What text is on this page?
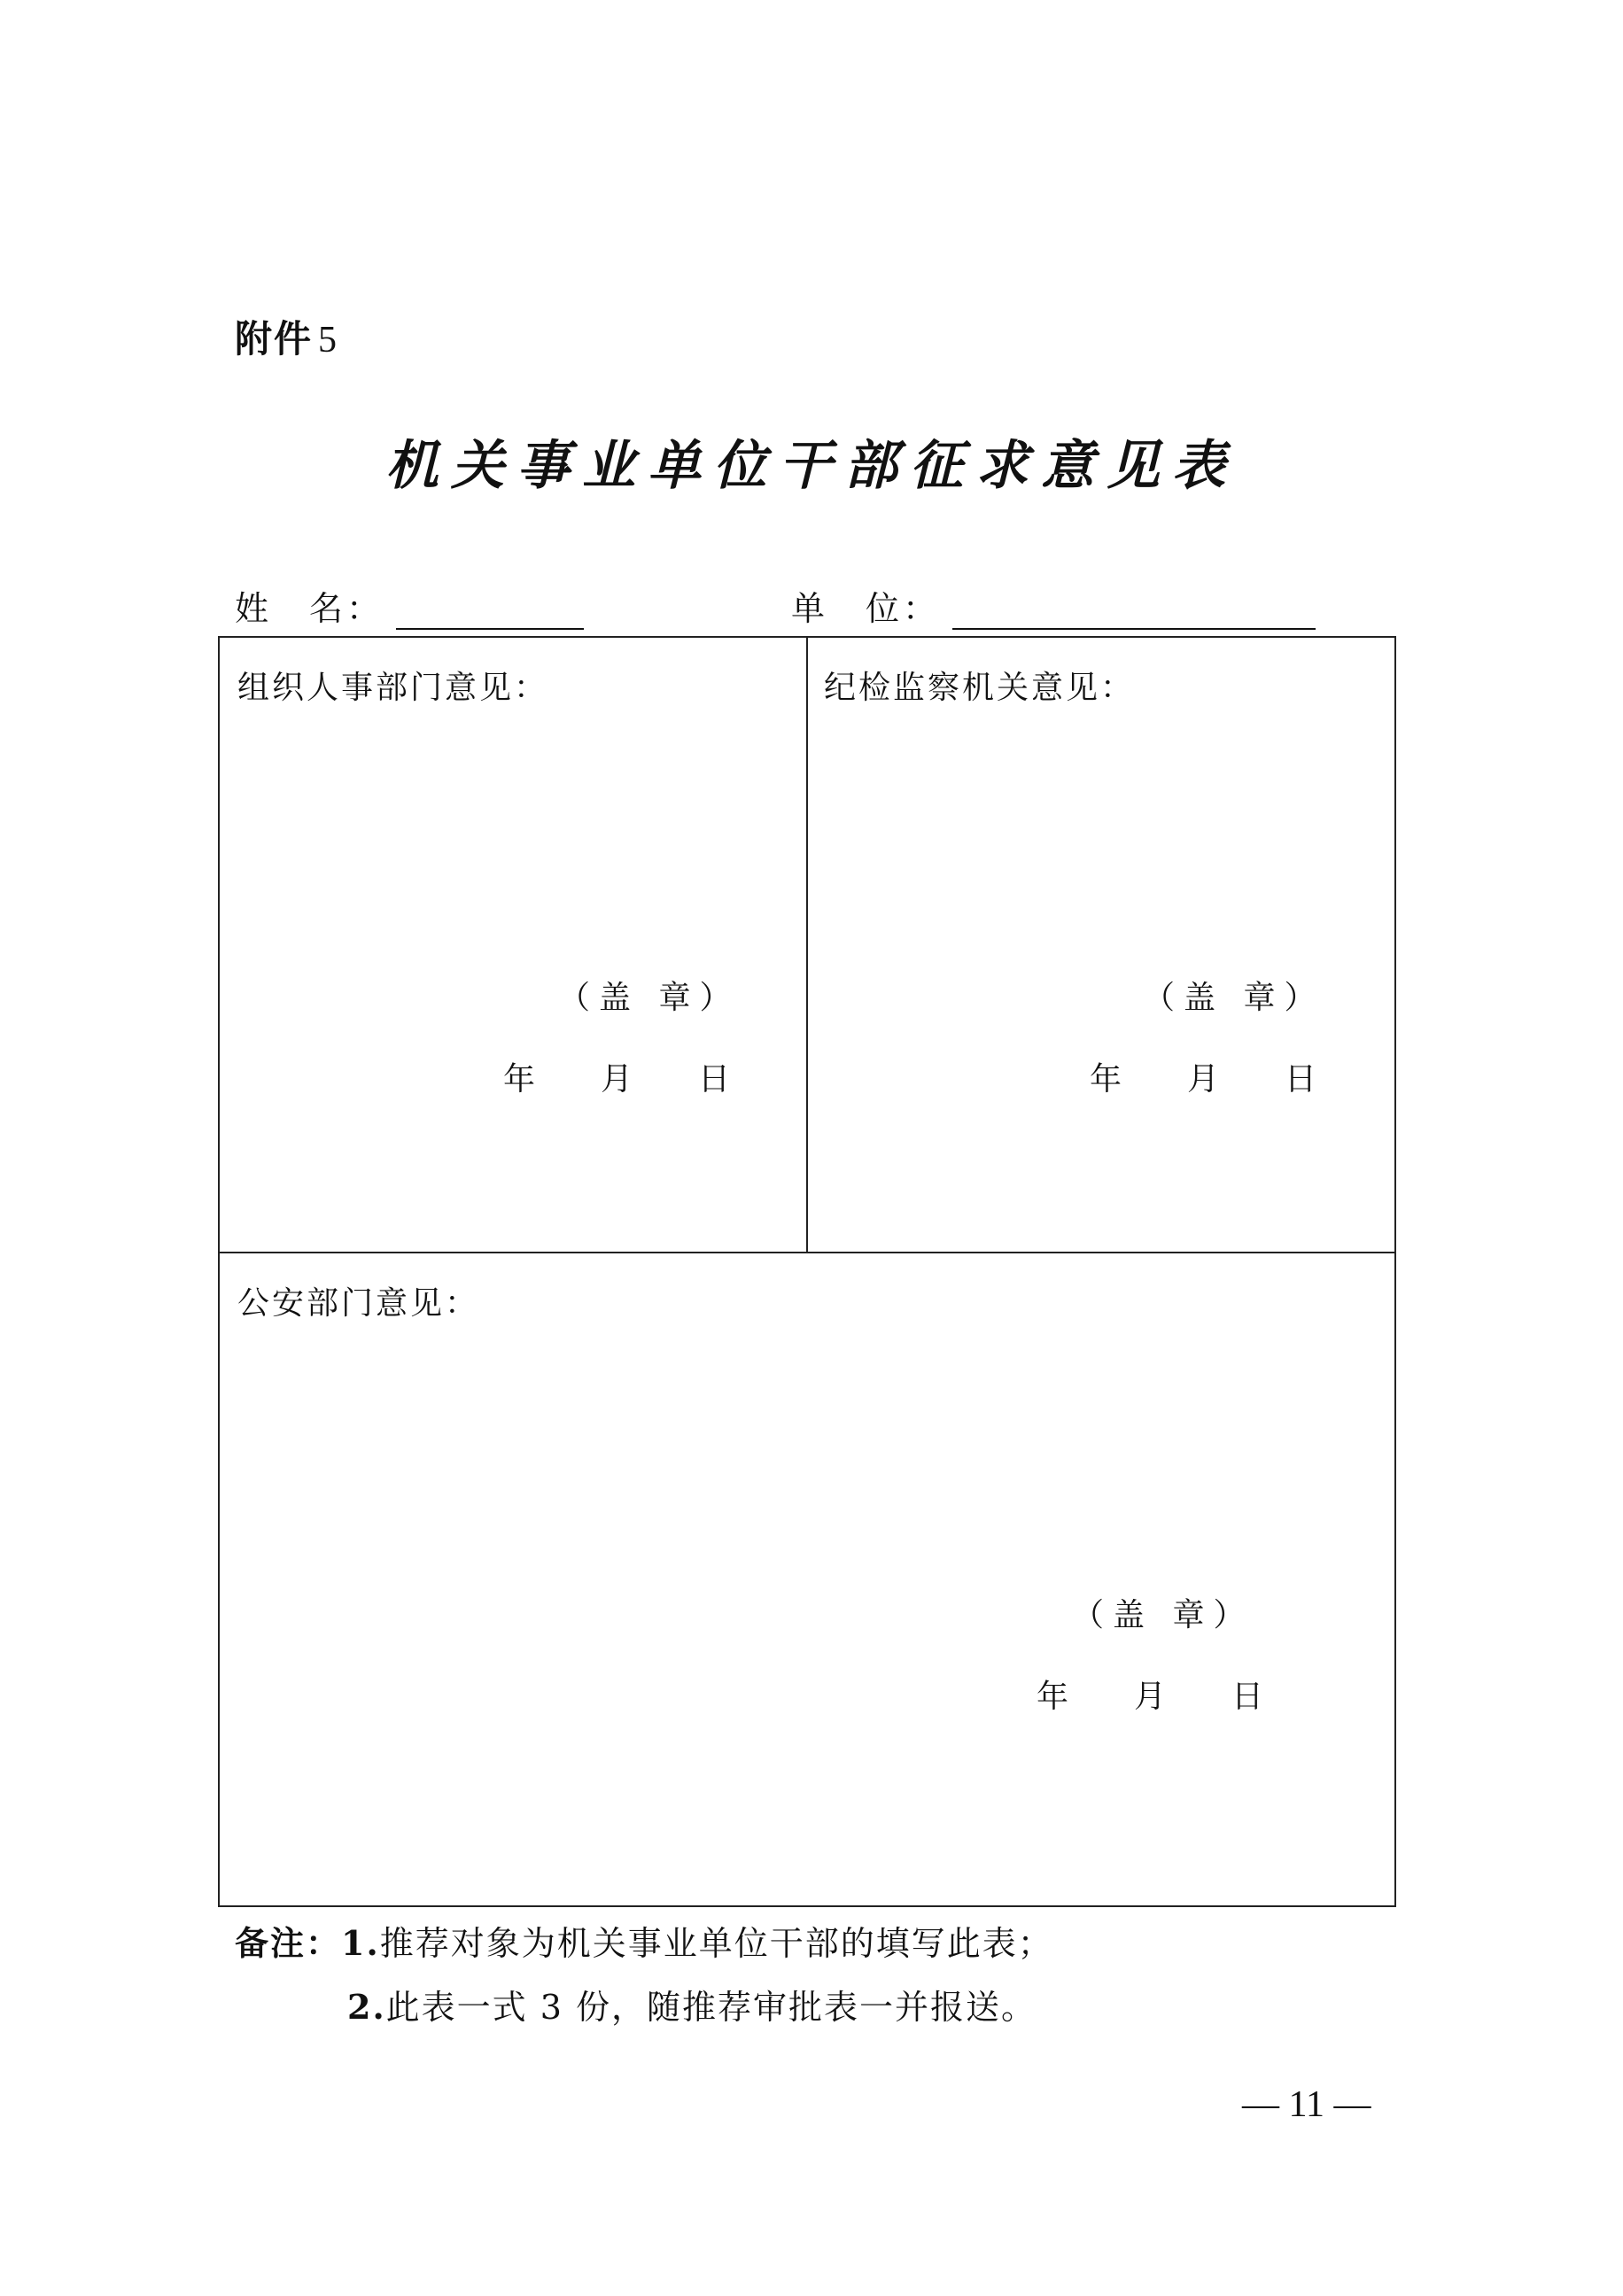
附件 5
机关事业单位干部征求意见表
姓　名：	单　位：
组织人事部门意见：
（盖 章）
年 月 日
纪检监察机关意见：
（盖 章）
年 月 日
公安部门意见：
（盖 章）
年 月 日
备注：1.推荐对象为机关事业单位干部的填写此表；
2.此表一式 3 份，随推荐审批表一并报送。
— 11 —
